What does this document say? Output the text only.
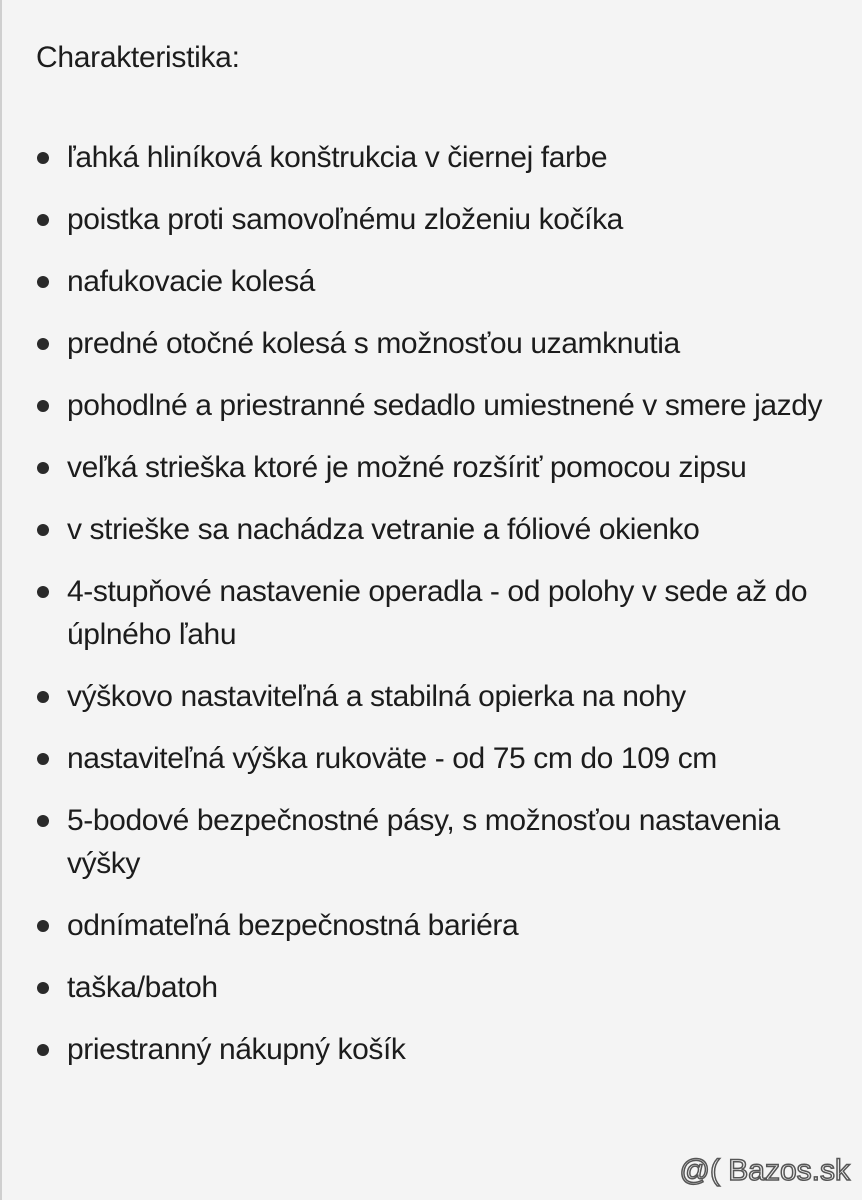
Charakteristika:
ľahká hliníková konštrukcia v čiernej farbe
poistka proti samovoľnému zloženiu kočíka
nafukovacie kolesá
predné otočné kolesá s možnosťou uzamknutia
pohodlné a priestranné sedadlo umiestnené v smere jazdy
veľká strieška ktoré je možné rozšíriť pomocou zipsu
v strieške sa nachádza vetranie a fóliové okienko
4-stupňové nastavenie operadla - od polohy v sede až do úplného ľahu
výškovo nastaviteľná a stabilná opierka na nohy
nastaviteľná výška rukoväte - od 75 cm do 109 cm
5-bodové bezpečnostné pásy, s možnosťou nastavenia výšky
odnímateľná bezpečnostná bariéra
taška/batoh
priestranný nákupný košík
@( Bazos.sk
